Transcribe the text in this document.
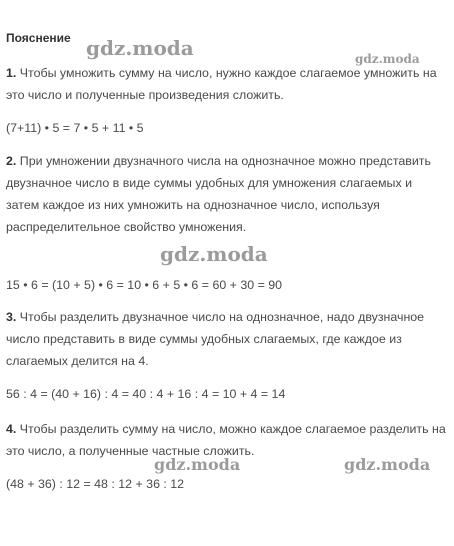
Пояснение
1. Чтобы умножить сумму на число, нужно каждое слагаемое умножить на это число и полученные произведения сложить.
(7+11) • 5 = 7 • 5 + 11 • 5
2. При умножении двузначного числа на однозначное можно представить двузначное число в виде суммы удобных для умножения слагаемых и затем каждое из них умножить на однозначное число, используя распределительное свойство умножения.
15 • 6 = (10 + 5) • 6 = 10 • 6 + 5 • 6 = 60 + 30 = 90
3. Чтобы разделить двузначное число на однозначное, надо двузначное число представить в виде суммы удобных слагаемых, где каждое из слагаемых делится на 4.
56 : 4 = (40 + 16) : 4 = 40 : 4 + 16 : 4 = 10 + 4 = 14
4. Чтобы разделить сумму на число, можно каждое слагаемое разделить на это число, а полученные частные сложить.
(48 + 36) : 12 = 48 : 12 + 36 : 12
gdz.moda	gdz.moda
gdz.moda
gdz.moda	gdz.moda
